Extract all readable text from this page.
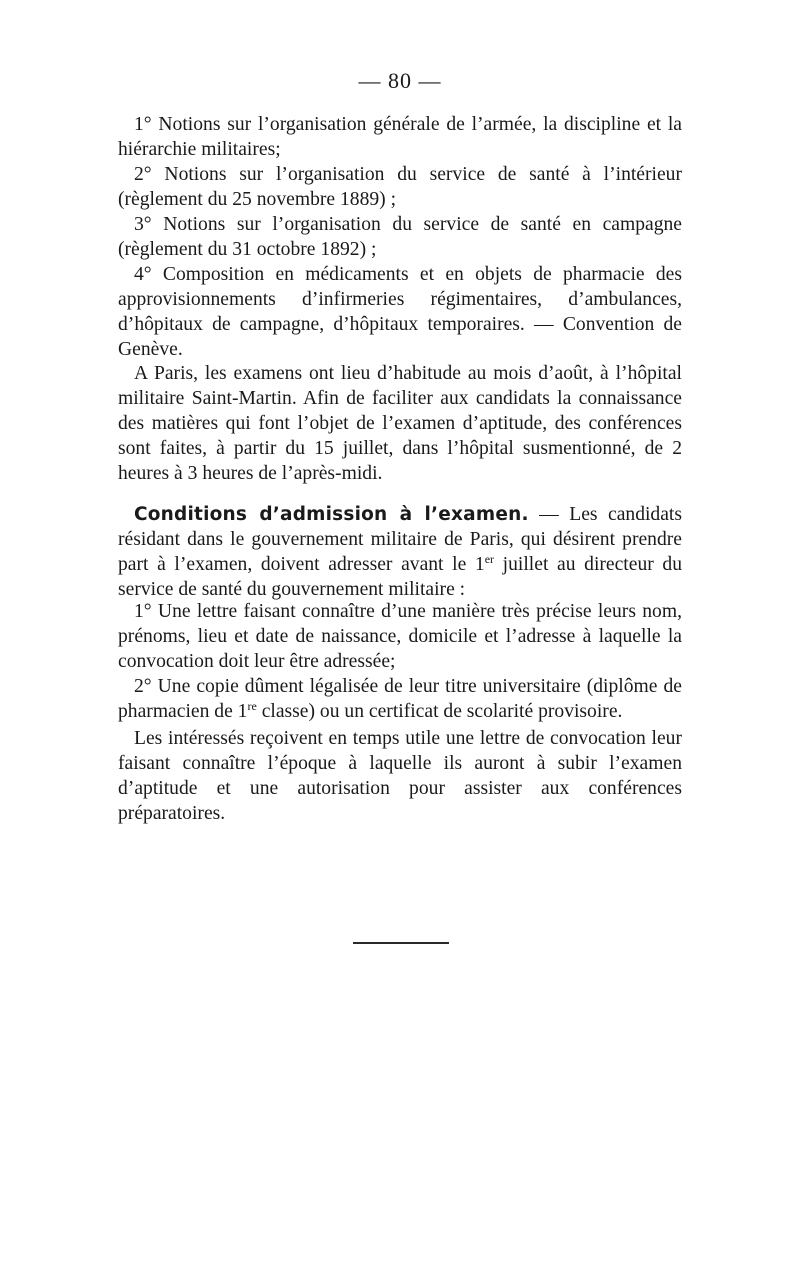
— 80 —

1° Notions sur l’organisation générale de l’armée, la discipline et la hiérarchie militaires;

2° Notions sur l’organisation du service de santé à l’intérieur (règlement du 25 novembre 1889) ;

3° Notions sur l’organisation du service de santé en campagne (règlement du 31 octobre 1892) ;

4° Composition en médicaments et en objets de pharmacie des approvisionnements d’infirmeries régimentaires, d’ambulances, d’hôpitaux de campagne, d’hôpitaux temporaires. — Convention de Genève.

A Paris, les examens ont lieu d’habitude au mois d’août, à l’hôpital militaire Saint-Martin. Afin de faciliter aux candidats la connaissance des matières qui font l’objet de l’examen d’aptitude, des conférences sont faites, à partir du 15 juillet, dans l’hôpital susmentionné, de 2 heures à 3 heures de l’après-midi.

Conditions d’admission à l’examen. — Les candidats résidant dans le gouvernement militaire de Paris, qui désirent prendre part à l’examen, doivent adresser avant le 1er juillet au directeur du service de santé du gouvernement militaire :

1° Une lettre faisant connaître d’une manière très précise leurs nom, prénoms, lieu et date de naissance, domicile et l’adresse à laquelle la convocation doit leur être adressée;

2° Une copie dûment légalisée de leur titre universitaire (diplôme de pharmacien de 1re classe) ou un certificat de scolarité provisoire.

Les intéressés reçoivent en temps utile une lettre de convocation leur faisant connaître l’époque à laquelle ils auront à subir l’examen d’aptitude et une autorisation pour assister aux conférences préparatoires.
